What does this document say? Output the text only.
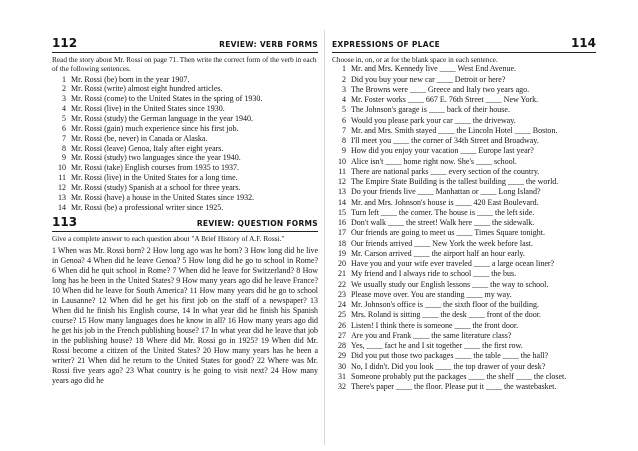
112	REVIEW: VERB FORMS
Read the story about Mr. Rossi on page 71. Then write the correct form of the verb in each of the following sentences.
1 Mr. Rossi (be) born in the year 1907.
2 Mr. Rossi (write) almost eight hundred articles.
3 Mr. Rossi (come) to the United States in the spring of 1930.
4 Mr. Rossi (live) in the United States since 1930.
5 Mr. Rossi (study) the German language in the year 1940.
6 Mr. Rossi (gain) much experience since his first job.
7 Mr. Rossi (be, never) in Canada or Alaska.
8 Mr. Rossi (leave) Genoa, Italy after eight years.
9 Mr. Rossi (study) two languages since the year 1940.
10 Mr. Rossi (take) English courses from 1935 to 1937.
11 Mr. Rossi (live) in the United States for a long time.
12 Mr. Rossi (study) Spanish at a school for three years.
13 Mr. Rossi (have) a house in the United States since 1932.
14 Mr. Rossi (be) a professional writer since 1925.
113	REVIEW: QUESTION FORMS
Give a complete answer to each question about "A Brief History of A.F. Rossi."
1 When was Mr. Rossi born? 2 How long ago was he born? 3 How long did he live in Genoa? 4 When did he leave Genoa? 5 How long did he go to school in Rome? 6 When did he quit school in Rome? 7 When did he leave for Switzerland? 8 How long has he been in the United States? 9 How many years ago did he leave France? 10 When did he leave for South America? 11 How many years did he go to school in Lausanne? 12 When did he get his first job on the staff of a newspaper? 13 When did he finish his English course, 14 In what year did he finish his Spanish course? 15 How many languages does he know in all? 16 How many years ago did he get his job in the French publishing house? 17 In what year did he leave that job in the publishing house? 18 Where did Mr. Rossi go in 1925? 19 When did Mr. Rossi become a citizen of the United States? 20 How many years has he been a writer? 21 When did he return to the United States for good? 22 Where was Mr. Rossi five years ago? 23 What country is he going to visit next? 24 How many years ago did he
EXPRESSIONS OF PLACE	114
Choose in, on, or at for the blank space in each sentence.
1 Mr. and Mrs. Kennedy live ____ West End Avenue.
2 Did you buy your new car ____ Detroit or here?
3 The Browns were ____ Greece and Italy two years ago.
4 Mr. Foster works ____ 667 E. 76th Street ____ New York.
5 The Johnson's garage is ____ back of their house.
6 Would you please park your car ____ the driveway.
7 Mr. and Mrs. Smith stayed ____ the Lincoln Hotel ____ Boston.
8 I'll meet you ____ the corner of 34th Street and Broadway.
9 How did you enjoy your vacation ____ Europe last year?
10 Alice isn't ____ home right now. She's ____ school.
11 There are national parks ____ every section of the country.
12 The Empire State Building is the tallest building ____ the world.
13 Do your friends live ____ Manhattan or ____ Long Island?
14 Mr. and Mrs. Johnson's house is ____ 420 East Boulevard.
15 Turn left ____ the corner. The house is ____ the left side.
16 Don't walk ____ the street! Walk here ____ the sidewalk.
17 Our friends are going to meet us ____ Times Square tonight.
18 Our friends arrived ____ New York the week before last.
19 Mr. Carson arrived ____ the airport half an hour early.
20 Have you and your wife ever traveled ____ a large ocean liner?
21 My friend and I always ride to school ____ the bus.
22 We usually study our English lessons ____ the way to school.
23 Please move over. You are standing ____ my way.
24 Mr. Johnson's office is ____ the sixth floor of the building.
25 Mrs. Roland is sitting ____ the desk ____ front of the door.
26 Listen! I think there is someone ____ the front door.
27 Are you and Frank ____ the same literature class?
28 Yes, ____ fact he and I sit together ____ the first row.
29 Did you put those two packages ____ the table ____ the hall?
30 No, I didn't. Did you look ____ the top drawer of your desk?
31 Someone probably put the packages ____ the shelf ____ the closet.
32 There's paper ____ the floor. Please put it ____ the wastebasket.
